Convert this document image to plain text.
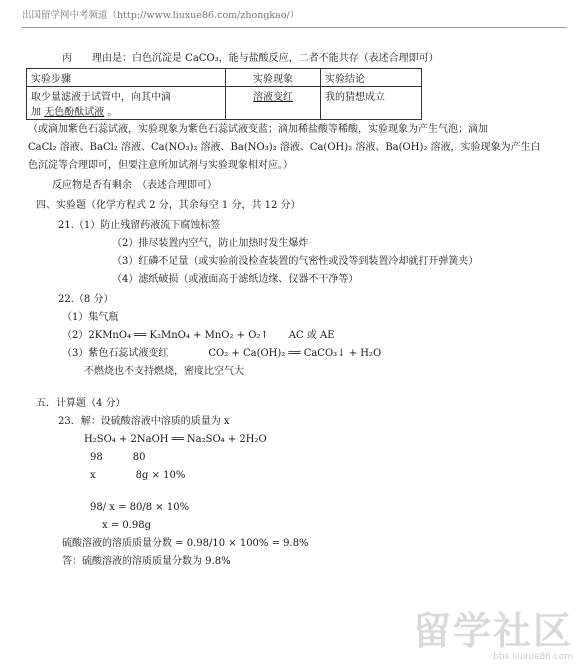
出国留学网中考频道（http://www.liuxue86.com/zhongkao/）
丙　　理由是：白色沉淀是 CaCO₃，能与盐酸反应，二者不能共存（表述合理即可）
实验步骤	实验现象	实验结论

取少量滤液于试管中，向其中滴
加 无色酚酞试液 。	溶液变红	我的猜想成立
（或滴加紫色石蕊试液，实验现象为紫色石蕊试液变蓝；滴加稀盐酸等稀酸，实验现象为产生气泡；滴加
CaCl₂ 溶液、BaCl₂ 溶液、Ca(NO₃)₂ 溶液、Ba(NO₃)₂ 溶液、Ca(OH)₂ 溶液、Ba(OH)₂ 溶液，实验现象为产生白
色沉淀等合理即可，但要注意所加试剂与实验现象相对应。）
反应物是否有剩余　（表述合理即可）
四、实验题（化学方程式 2 分，其余每空 1 分，共 12 分）
21.（1）防止残留药液流下腐蚀标签
（2）排尽装置内空气，防止加热时发生爆炸
（3）红磷不足量（或实验前没检查装置的气密性或没等到装置冷却就打开弹簧夹）
（4）滤纸破损（或液面高于滤纸边缘、仪器不干净等）
22.（8 分）
（1）集气瓶
（2）2KMnO₄ ══ K₂MnO₄ + MnO₂ + O₂↑　　AC 或 AE
（3）紫色石蕊试液变红　　　　CO₂ + Ca(OH)₂ ══ CaCO₃↓ + H₂O
不燃烧也不支持燃烧，密度比空气大
五．计算题（4 分）
23．解：设硫酸溶液中溶质的质量为 x
H₂SO₄ + 2NaOH ══ Na₂SO₄ + 2H₂O
98　　　80
x　　　　8g × 10%
98/ x = 80/8 × 10%
x = 0.98g
硫酸溶液的溶质质量分数 = 0.98/10 × 100% = 9.8%
答：硫酸溶液的溶质质量分数为 9.8%
留学社区
bbs.liuxue86.com
